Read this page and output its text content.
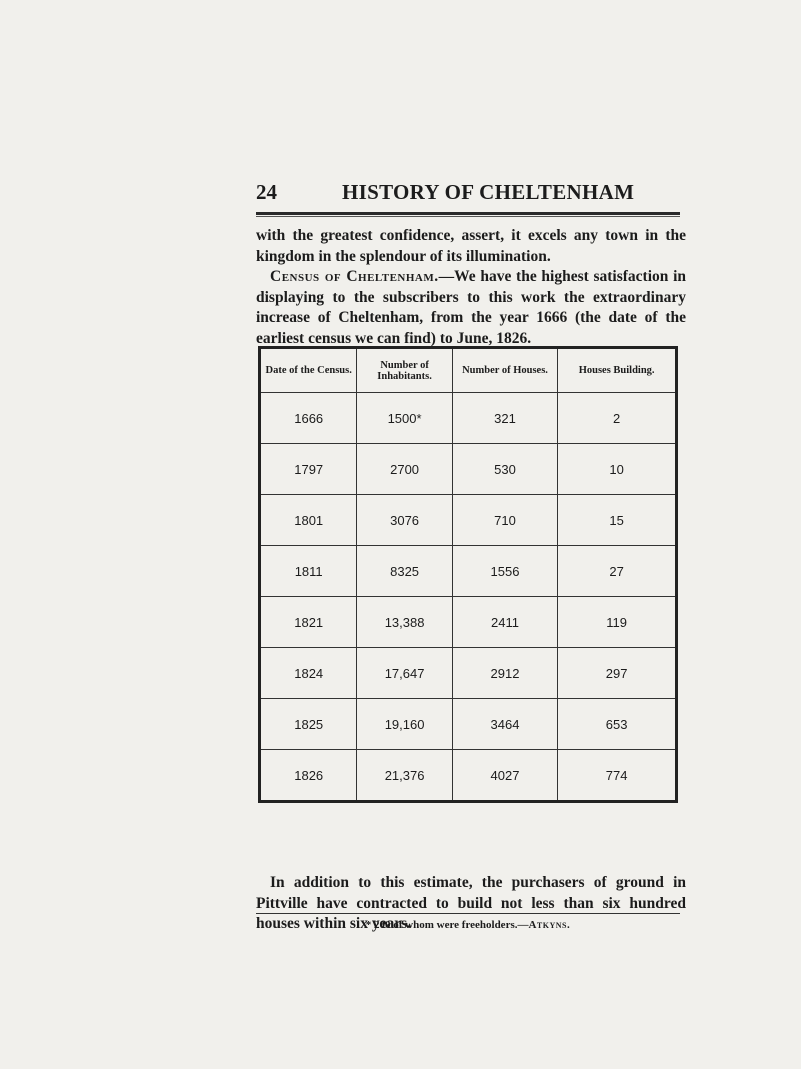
24	HISTORY OF CHELTENHAM

with the greatest confidence, assert, it excels any town in the kingdom in the splendour of its illumination.

Census of Cheltenham.—We have the highest satisfaction in displaying to the subscribers to this work the extraordinary increase of Cheltenham, from the year 1666 (the date of the earliest census we can find) to June, 1826.

Date of the Census.	Number of Inhabitants.	Number of Houses.	Houses Building.
1666	1500*	321	2
1797	2700	530	10
1801	3076	710	15
1811	8325	1556	27
1821	13,388	2411	119
1824	17,647	2912	297
1825	19,160	3464	653
1826	21,376	4027	774

In addition to this estimate, the purchasers of ground in Pittville have contracted to build not less than six hundred houses within six years.

* 200 of whom were freeholders.—Atkyns.
